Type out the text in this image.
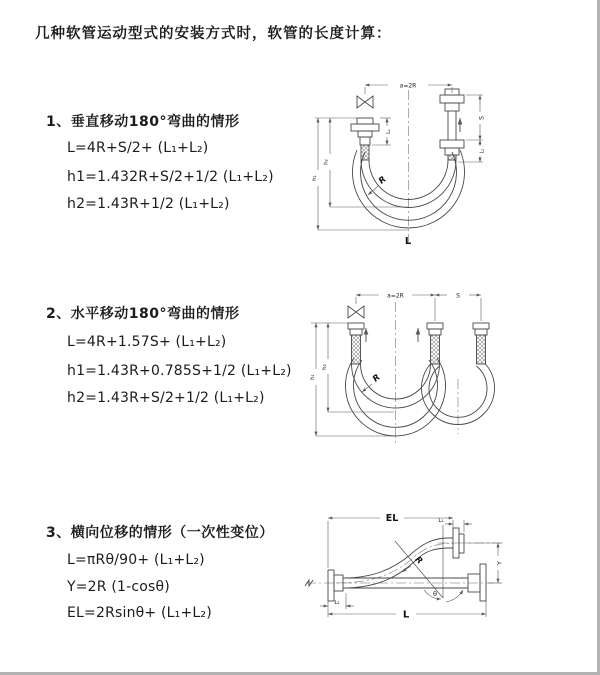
几种软管运动型式的安装方式时，软管的长度计算：
1、垂直移动180°弯曲的情形
L=4R+S/2+ (L₁+L₂)
h1=1.432R+S/2+1/2 (L₁+L₂)
h2=1.43R+1/2 (L₁+L₂)
2、水平移动180°弯曲的情形
L=4R+1.57S+ (L₁+L₂)
h1=1.43R+0.785S+1/2 (L₁+L₂)
h2=1.43R+S/2+1/2 (L₁+L₂)
3、横向位移的情形（一次性变位）
L=πRθ/90+ (L₁+L₂)
Y=2R (1-cosθ)
EL=2Rsinθ+ (L₁+L₂)
a=2R
S
L₂
L₁
h₂
h₁	R
L
a=2R	S
h₁
h₂
R
EL	L₁
Y
L
L₂
R
θ
